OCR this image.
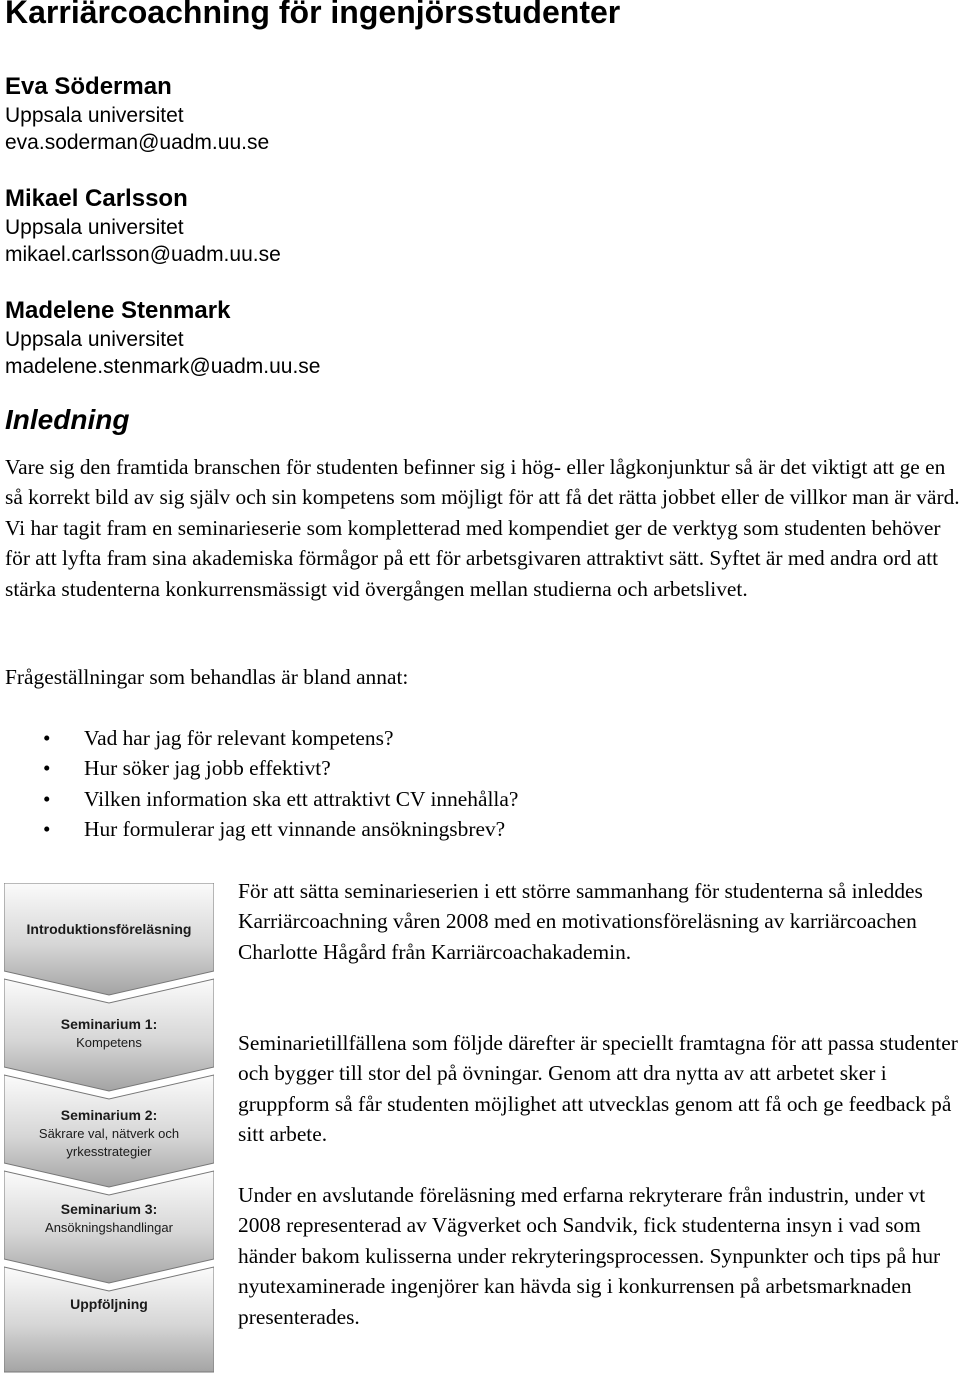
Karriärcoachning för ingenjörsstudenter
Eva Söderman
Uppsala universitet
eva.soderman@uadm.uu.se
Mikael Carlsson
Uppsala universitet
mikael.carlsson@uadm.uu.se
Madelene Stenmark
Uppsala universitet
madelene.stenmark@uadm.uu.se
Inledning

Vare sig den framtida branschen för studenten befinner sig i hög- eller lågkonjunktur så är det viktigt att ge en så korrekt bild av sig själv och sin kompetens som möjligt för att få det rätta jobbet eller de villkor man är värd. Vi har tagit fram en seminarieserie som kompletterad med kompendiet ger de verktyg som studenten behöver för att lyfta fram sina akademiska förmågor på ett för arbetsgivaren attraktivt sätt. Syftet är med andra ord att stärka studenterna konkurrensmässigt vid övergången mellan studierna och arbetslivet.

Frågeställningar som behandlas är bland annat:

• Vad har jag för relevant kompetens?
• Hur söker jag jobb effektivt?
• Vilken information ska ett attraktivt CV innehålla?
• Hur formulerar jag ett vinnande ansökningsbrev?
Introduktionsföreläsning
Seminarium 1:
Kompetens
Seminarium 2:
Säkrare val, nätverk och
yrkesstrategier
Seminarium 3:
Ansökningshandlingar
Uppföljning

För att sätta seminarieserien i ett större sammanhang för studenterna så inleddes Karriärcoachning våren 2008 med en motivationsföreläsning av karriärcoachen Charlotte Hågård från Karriärcoachakademin.

Seminarietillfällena som följde därefter är speciellt framtagna för att passa studenter och bygger till stor del på övningar. Genom att dra nytta av att arbetet sker i gruppform så får studenten möjlighet att utvecklas genom att få och ge feedback på sitt arbete.

Under en avslutande föreläsning med erfarna rekryterare från industrin, under vt 2008 representerad av Vägverket och Sandvik, fick studenterna insyn i vad som händer bakom kulisserna under rekryteringsprocessen. Synpunkter och tips på hur nyutexaminerade ingenjörer kan hävda sig i konkurrensen på arbetsmarknaden presenterades.
